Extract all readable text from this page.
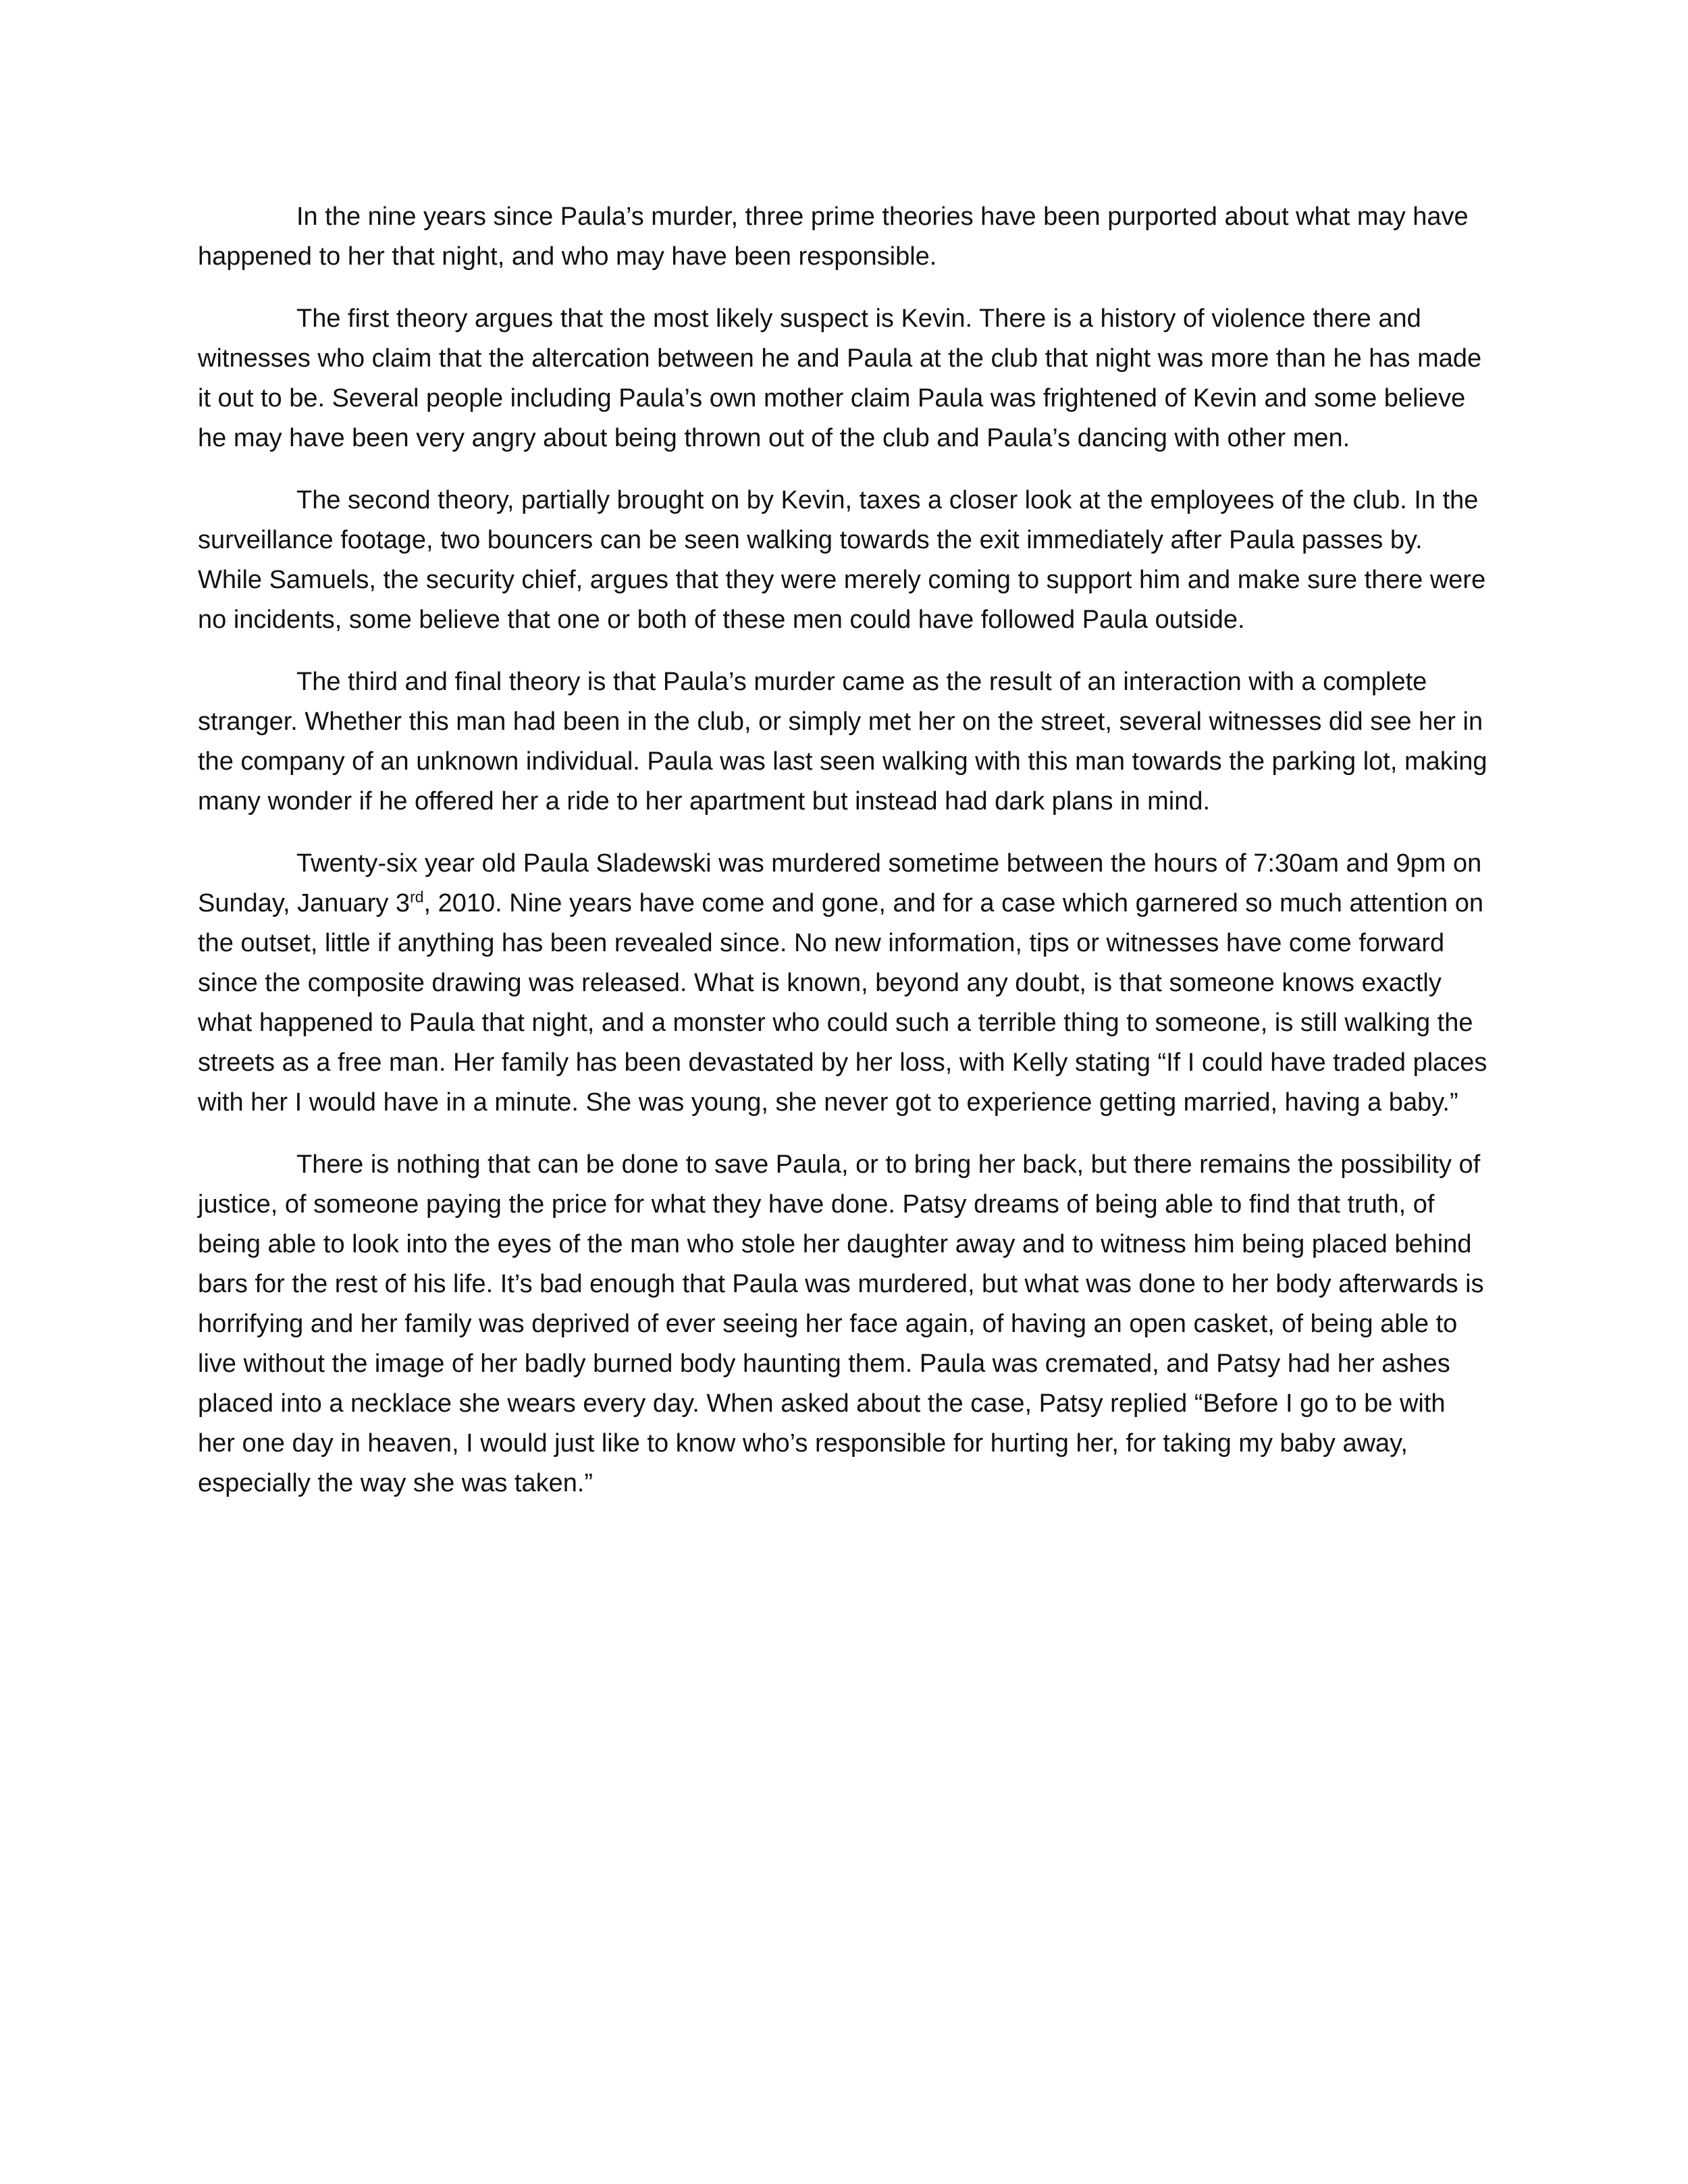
In the nine years since Paula’s murder, three prime theories have been purported about what may have happened to her that night, and who may have been responsible.

The first theory argues that the most likely suspect is Kevin. There is a history of violence there and witnesses who claim that the altercation between he and Paula at the club that night was more than he has made it out to be. Several people including Paula’s own mother claim Paula was frightened of Kevin and some believe he may have been very angry about being thrown out of the club and Paula’s dancing with other men.

The second theory, partially brought on by Kevin, taxes a closer look at the employees of the club. In the surveillance footage, two bouncers can be seen walking towards the exit immediately after Paula passes by. While Samuels, the security chief, argues that they were merely coming to support him and make sure there were no incidents, some believe that one or both of these men could have followed Paula outside.

The third and final theory is that Paula’s murder came as the result of an interaction with a complete stranger. Whether this man had been in the club, or simply met her on the street, several witnesses did see her in the company of an unknown individual. Paula was last seen walking with this man towards the parking lot, making many wonder if he offered her a ride to her apartment but instead had dark plans in mind.

Twenty-six year old Paula Sladewski was murdered sometime between the hours of 7:30am and 9pm on Sunday, January 3rd, 2010. Nine years have come and gone, and for a case which garnered so much attention on the outset, little if anything has been revealed since. No new information, tips or witnesses have come forward since the composite drawing was released. What is known, beyond any doubt, is that someone knows exactly what happened to Paula that night, and a monster who could such a terrible thing to someone, is still walking the streets as a free man. Her family has been devastated by her loss, with Kelly stating “If I could have traded places with her I would have in a minute. She was young, she never got to experience getting married, having a baby.”

There is nothing that can be done to save Paula, or to bring her back, but there remains the possibility of justice, of someone paying the price for what they have done. Patsy dreams of being able to find that truth, of being able to look into the eyes of the man who stole her daughter away and to witness him being placed behind bars for the rest of his life. It’s bad enough that Paula was murdered, but what was done to her body afterwards is horrifying and her family was deprived of ever seeing her face again, of having an open casket, of being able to live without the image of her badly burned body haunting them. Paula was cremated, and Patsy had her ashes placed into a necklace she wears every day. When asked about the case, Patsy replied “Before I go to be with her one day in heaven, I would just like to know who’s responsible for hurting her, for taking my baby away, especially the way she was taken.”
